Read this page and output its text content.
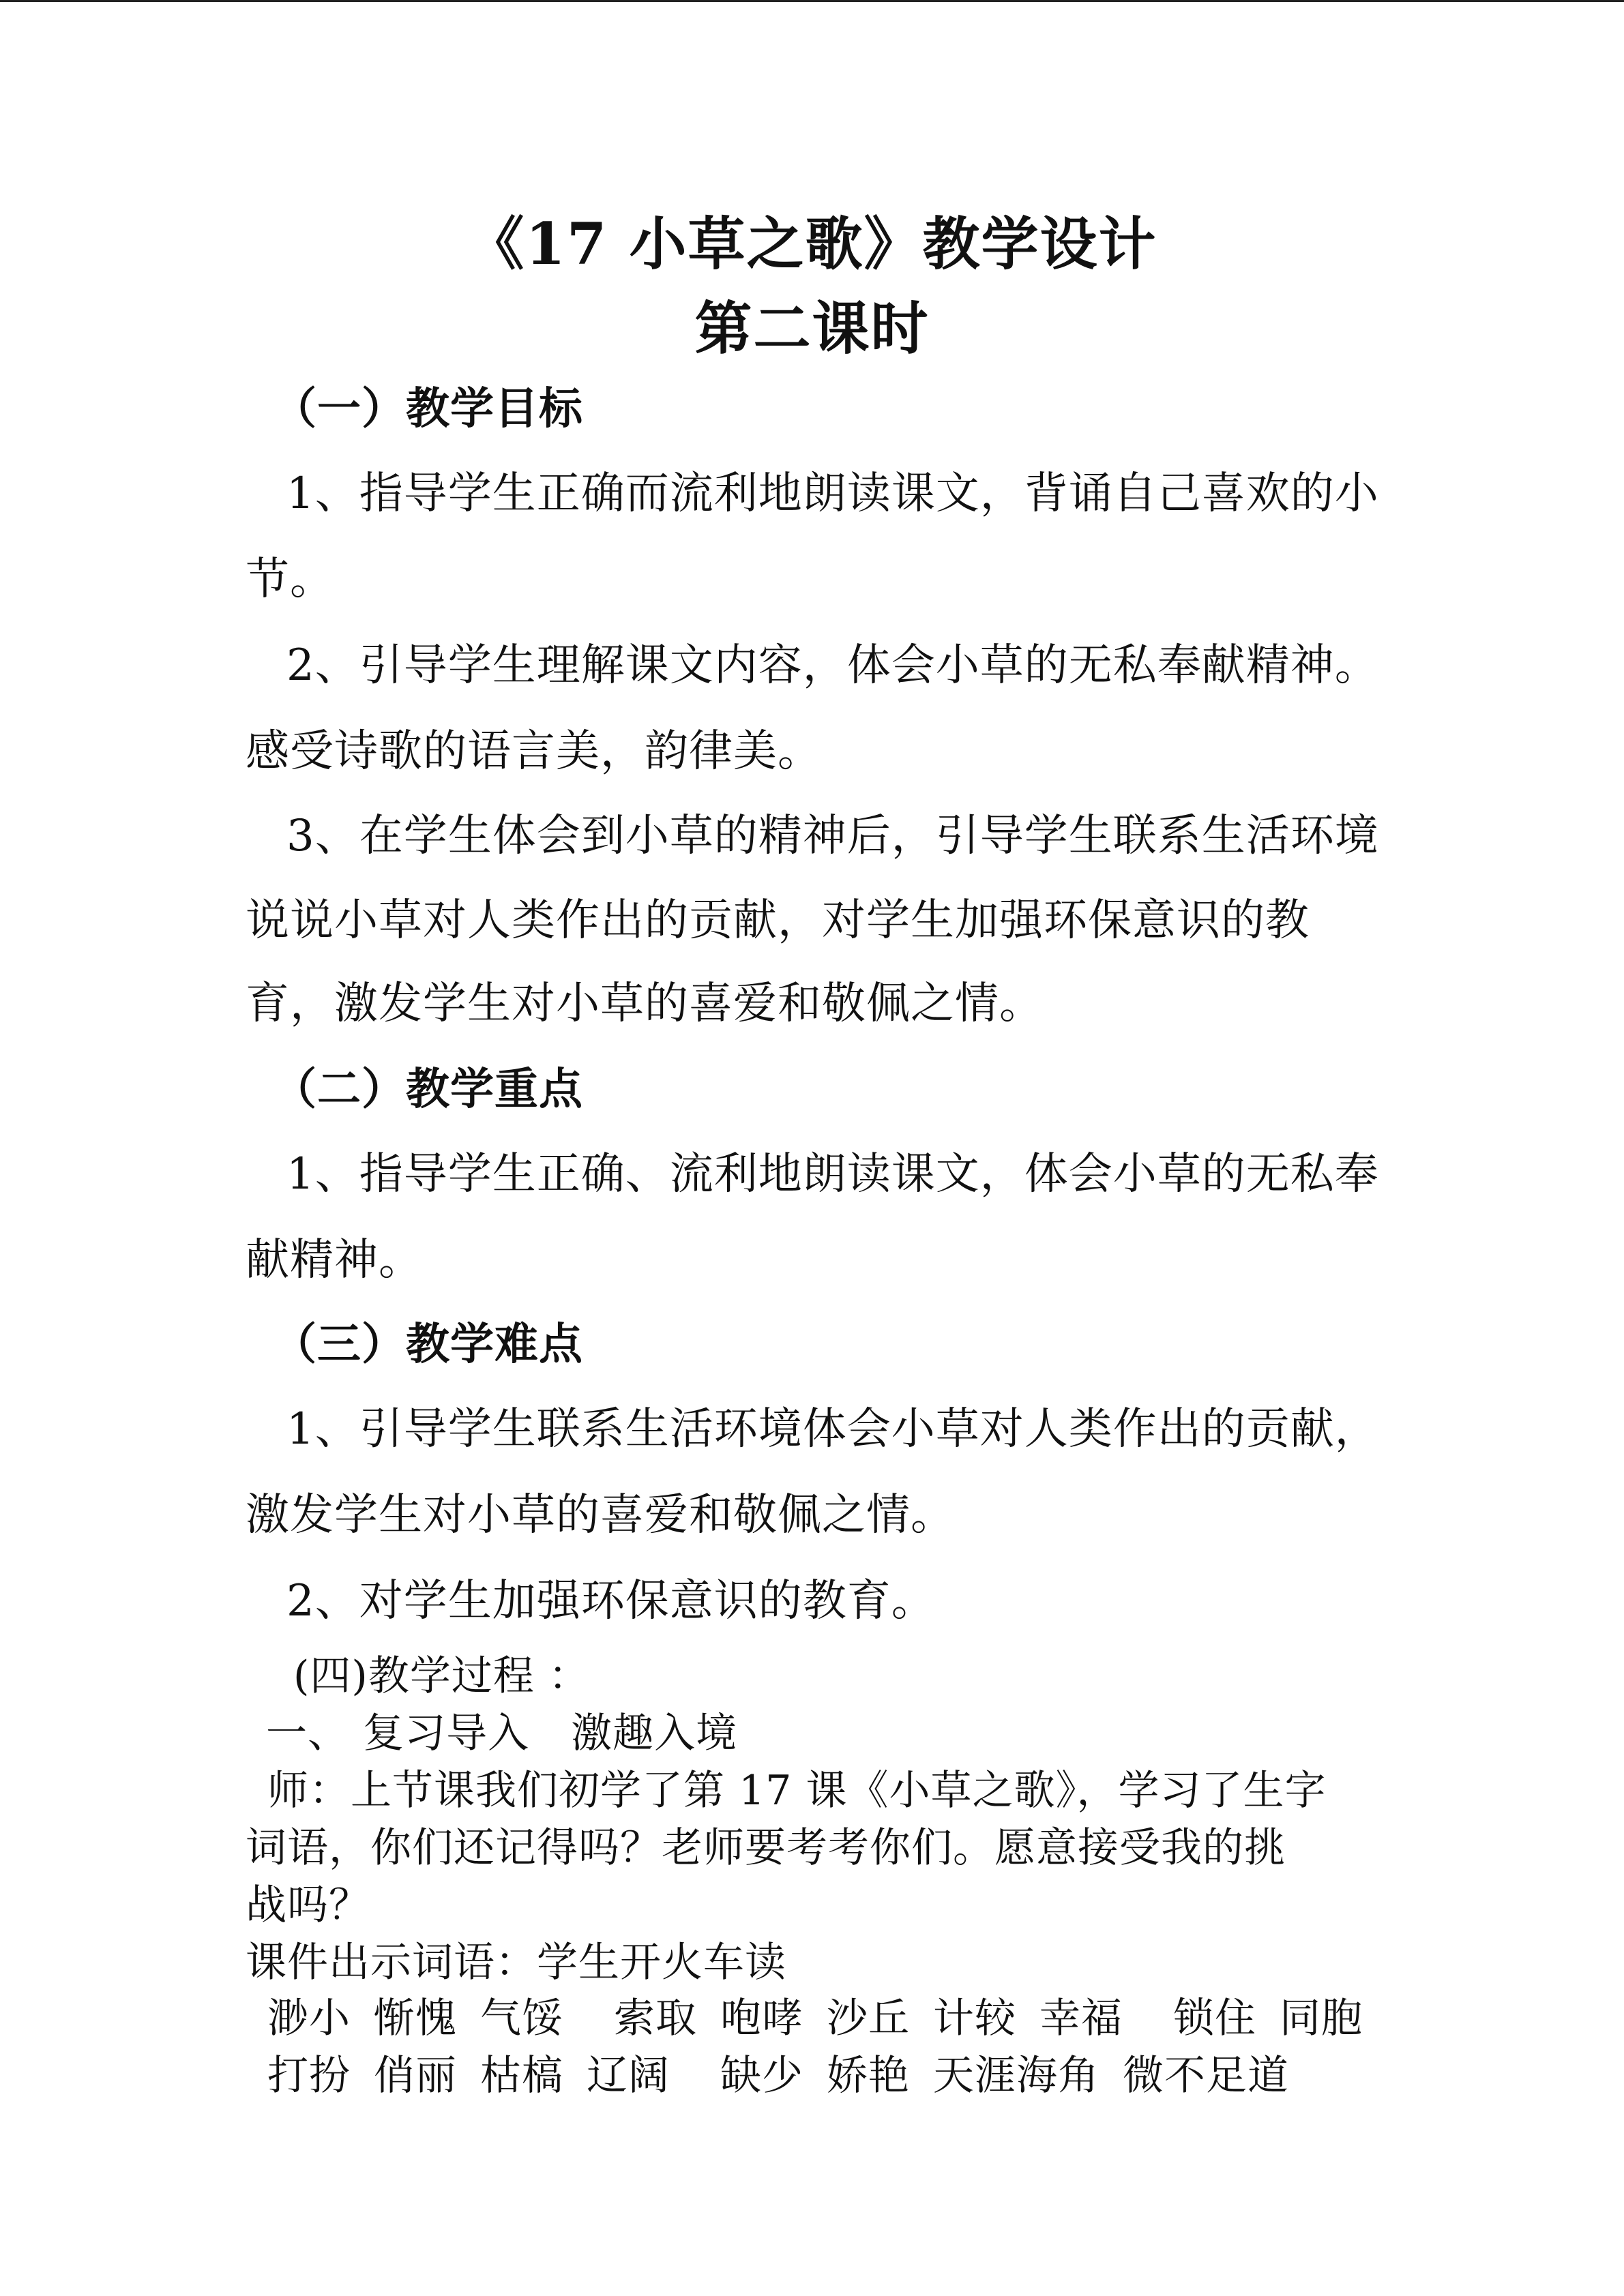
《17 小草之歌》教学设计
第二课时
（一）教学目标
1、指导学生正确而流利地朗读课文，背诵自己喜欢的小
节。
2、引导学生理解课文内容，体会小草的无私奉献精神。
感受诗歌的语言美，韵律美。
3、在学生体会到小草的精神后，引导学生联系生活环境
说说小草对人类作出的贡献，对学生加强环保意识的教
育，激发学生对小草的喜爱和敬佩之情。
（二）教学重点
1、指导学生正确、流利地朗读课文，体会小草的无私奉
献精神。
（三）教学难点
1、引导学生联系生活环境体会小草对人类作出的贡献，
激发学生对小草的喜爱和敬佩之情。
2、对学生加强环保意识的教育。
(四)教学过程 ：
一、 复习导入　激趣入境
师：上节课我们初学了第 17 课《小草之歌》，学习了生字
词语，你们还记得吗？老师要考考你们。愿意接受我的挑
战吗？
课件出示词语：学生开火车读
渺小 惭愧 气馁 索取 咆哮 沙丘 计较 幸福 锁住 同胞
打扮 俏丽 枯槁 辽阔 缺少 娇艳 天涯海角 微不足道
